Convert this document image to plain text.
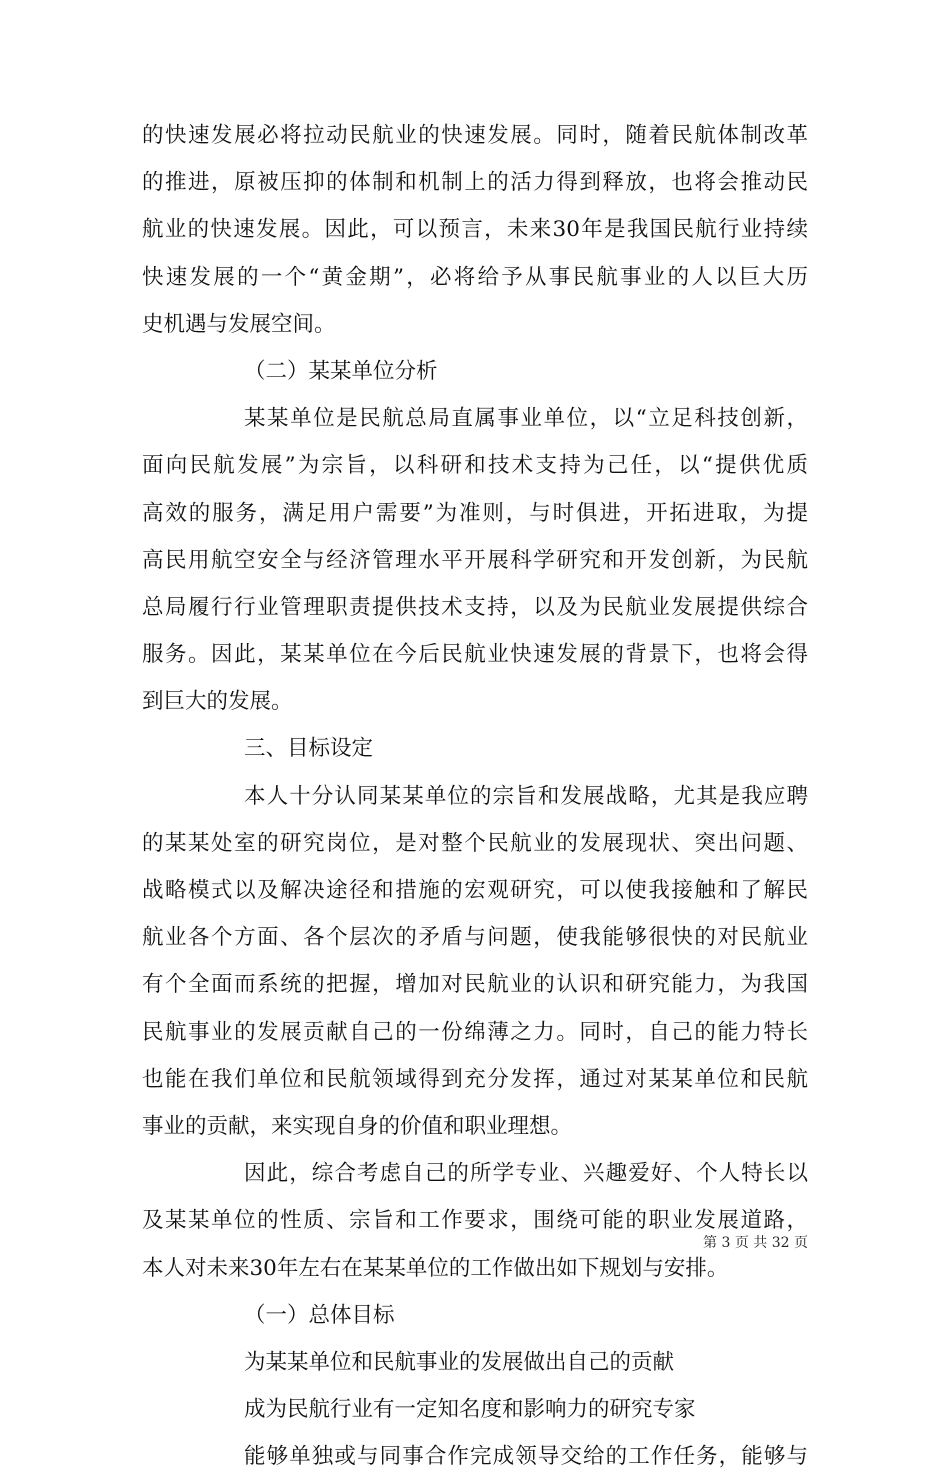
的快速发展必将拉动民航业的快速发展。同时，随着民航体制改革
的推进，原被压抑的体制和机制上的活力得到释放，也将会推动民
航业的快速发展。因此，可以预言，未来30年是我国民航行业持续
快速发展的一个“黄金期”，必将给予从事民航事业的人以巨大历
史机遇与发展空间。
（二）某某单位分析
某某单位是民航总局直属事业单位，以“立足科技创新，
面向民航发展”为宗旨，以科研和技术支持为己任，以“提供优质
高效的服务，满足用户需要”为准则，与时俱进，开拓进取，为提
高民用航空安全与经济管理水平开展科学研究和开发创新，为民航
总局履行行业管理职责提供技术支持，以及为民航业发展提供综合
服务。因此，某某单位在今后民航业快速发展的背景下，也将会得
到巨大的发展。
三、目标设定
本人十分认同某某单位的宗旨和发展战略，尤其是我应聘
的某某处室的研究岗位，是对整个民航业的发展现状、突出问题、
战略模式以及解决途径和措施的宏观研究，可以使我接触和了解民
航业各个方面、各个层次的矛盾与问题，使我能够很快的对民航业
有个全面而系统的把握，增加对民航业的认识和研究能力，为我国
民航事业的发展贡献自己的一份绵薄之力。同时，自己的能力特长
也能在我们单位和民航领域得到充分发挥，通过对某某单位和民航
事业的贡献，来实现自身的价值和职业理想。
因此，综合考虑自己的所学专业、兴趣爱好、个人特长以
及某某单位的性质、宗旨和工作要求，围绕可能的职业发展道路，
本人对未来30年左右在某某单位的工作做出如下规划与安排。
（一）总体目标
为某某单位和民航事业的发展做出自己的贡献
成为民航行业有一定知名度和影响力的研究专家
能够单独或与同事合作完成领导交给的工作任务，能够与
第 3 页 共 32 页
